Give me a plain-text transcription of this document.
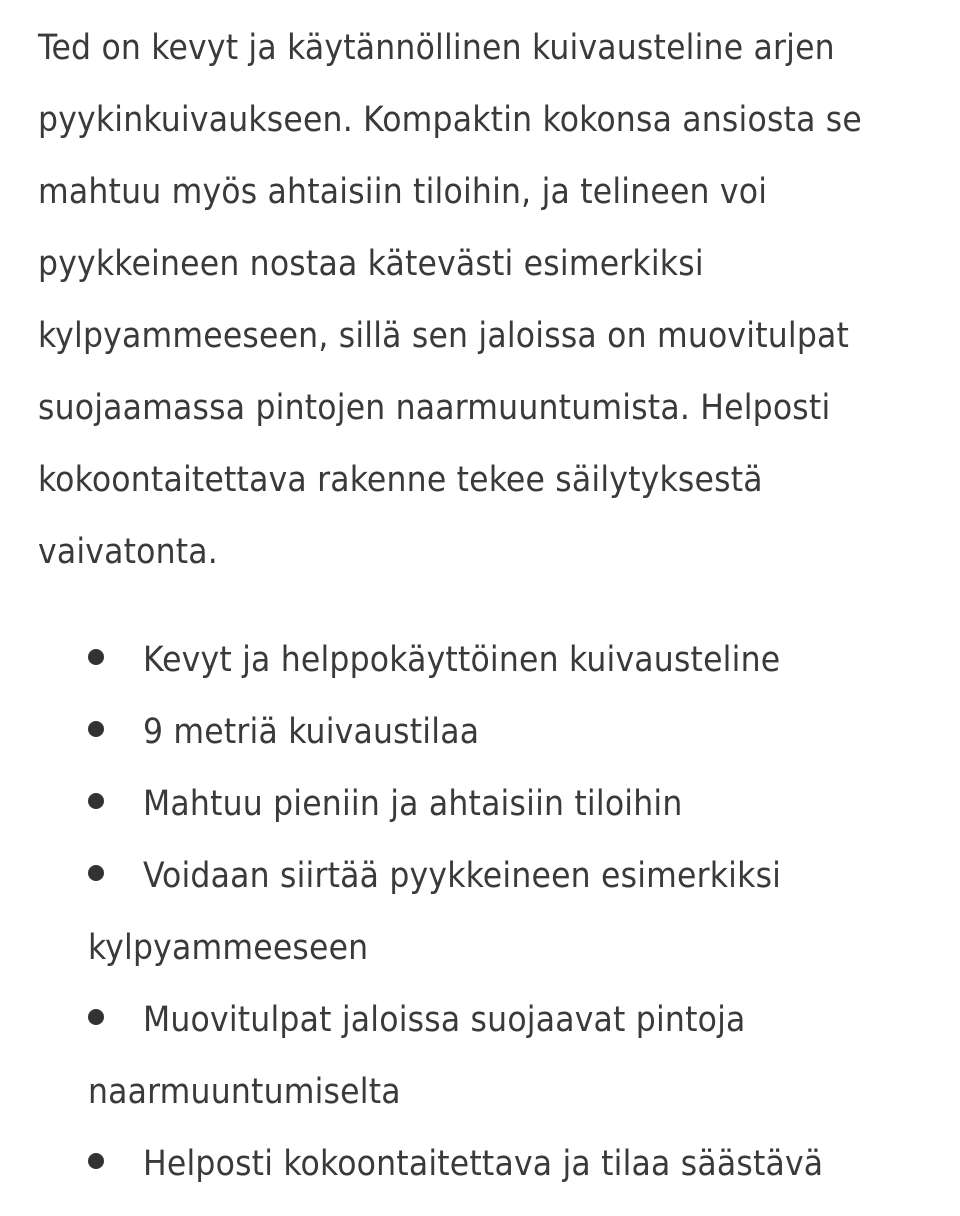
Ted on kevyt ja käytännöllinen kuivausteline arjen pyykinkuivaukseen. Kompaktin kokonsa ansiosta se mahtuu myös ahtaisiin tiloihin, ja telineen voi pyykkeineen nostaa kätevästi esimerkiksi kylpyammeeseen, sillä sen jaloissa on muovitulpat suojaamassa pintojen naarmuuntumista. Helposti kokoontaitettava rakenne tekee säilytyksestä vaivatonta.

Kevyt ja helppokäyttöinen kuivausteline
9 metriä kuivaustilaa
Mahtuu pieniin ja ahtaisiin tiloihin
Voidaan siirtää pyykkeineen esimerkiksi kylpyammeeseen
Muovitulpat jaloissa suojaavat pintoja naarmuuntumiselta
Helposti kokoontaitettava ja tilaa säästävä
